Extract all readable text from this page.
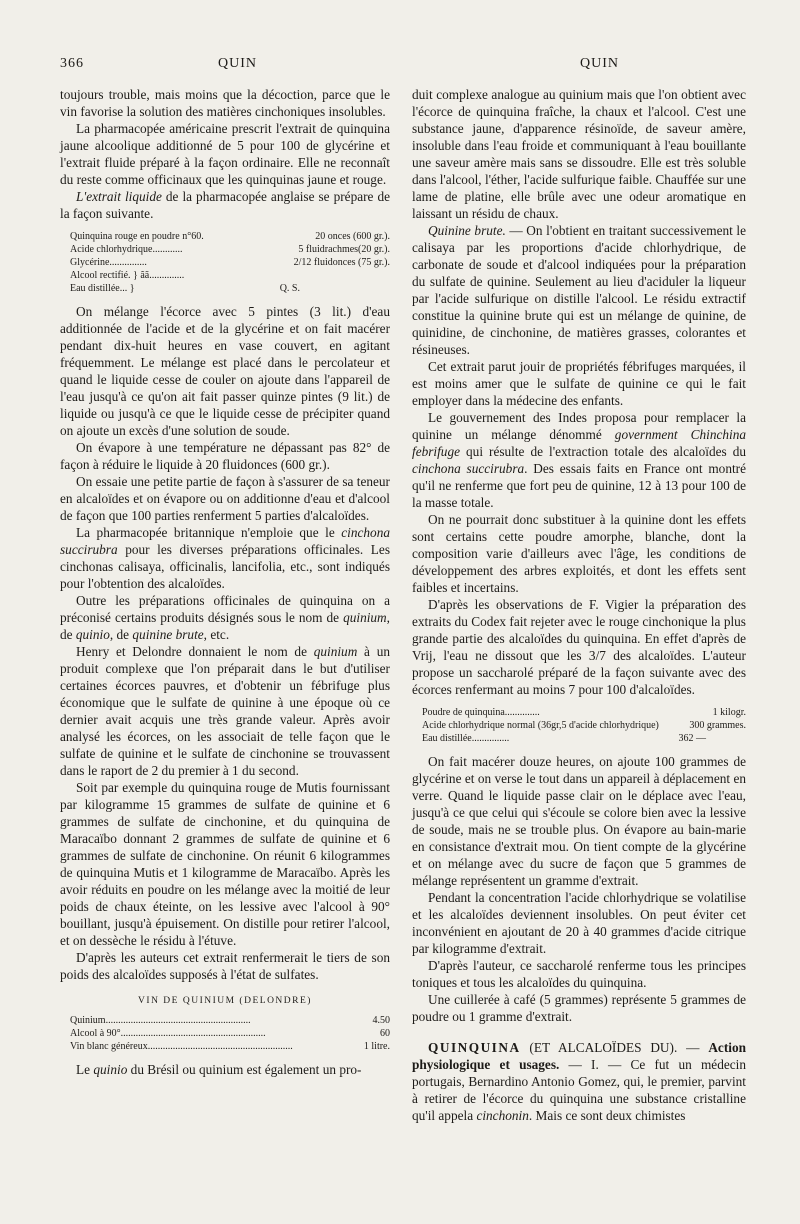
366	QUIN	QUIN

toujours trouble, mais moins que la décoction, parce que le vin favorise la solution des matières cinchoniques insolubles.

La pharmacopée américaine prescrit l'extrait de quinquina jaune alcoolique additionné de 5 pour 100 de glycérine et l'extrait fluide préparé à la façon ordinaire. Elle ne reconnaît du reste comme officinaux que les quinquinas jaune et rouge.

L'extrait liquide de la pharmacopée anglaise se prépare de la façon suivante.

Quinquina rouge en poudre n°60.	20 onces (600 gr.).
Acide chlorhydrique............	5 fluidrachmes(20 gr.).
Glycérine...............	2/12 fluidonces (75 gr.).
Alcool rectifié. } ãã..............
Eau distillée... }	Q. S.

On mélange l'écorce avec 5 pintes (3 lit.) d'eau additionnée de l'acide et de la glycérine et on fait macérer pendant dix-huit heures en vase couvert, en agitant fréquemment. Le mélange est placé dans le percolateur et quand le liquide cesse de couler on ajoute dans l'appareil de l'eau jusqu'à ce qu'on ait fait passer quinze pintes (9 lit.) de liquide ou jusqu'à ce que le liquide cesse de précipiter quand on ajoute un excès d'une solution de soude.

On évapore à une température ne dépassant pas 82° de façon à réduire le liquide à 20 fluidonces (600 gr.).

On essaie une petite partie de façon à s'assurer de sa teneur en alcaloïdes et on évapore ou on additionne d'eau et d'alcool de façon que 100 parties renferment 5 parties d'alcaloïdes.

La pharmacopée britannique n'emploie que le cinchona succirubra pour les diverses préparations officinales. Les cinchonas calisaya, officinalis, lancifolia, etc., sont indiqués pour l'obtention des alcaloïdes.

Outre les préparations officinales de quinquina on a préconisé certains produits désignés sous le nom de quinium, de quinio, de quinine brute, etc.

Henry et Delondre donnaient le nom de quinium à un produit complexe que l'on préparait dans le but d'utiliser certaines écorces pauvres, et d'obtenir un fébrifuge plus économique que le sulfate de quinine à une époque où ce dernier avait acquis une très grande valeur. Après avoir analysé les écorces, on les associait de telle façon que le sulfate de quinine et le sulfate de cinchonine se trouvassent dans le raport de 2 du premier à 1 du second.

Soit par exemple du quinquina rouge de Mutis fournissant par kilogramme 15 grammes de sulfate de quinine et 6 grammes de sulfate de cinchonine, et du quinquina de Maracaïbo donnant 2 grammes de sulfate de quinine et 6 grammes de sulfate de cinchonine. On réunit 6 kilogrammes de quinquina Mutis et 1 kilogramme de Maracaïbo. Après les avoir réduits en poudre on les mélange avec la moitié de leur poids de chaux éteinte, on les lessive avec l'alcool à 90° bouillant, jusqu'à épuisement. On distille pour retirer l'alcool, et on dessèche le résidu à l'étuve.

D'après les auteurs cet extrait renfermerait le tiers de son poids des alcaloïdes supposés à l'état de sulfates.

VIN DE QUINIUM (DELONDRE)
Quinium ..........................................................	4.50
Alcool à 90° ..........................................................	60
Vin blanc généreux ..........................................................	1 litre.

Le quinio du Brésil ou quinium est également un pro-

duit complexe analogue au quinium mais que l'on obtient avec l'écorce de quinquina fraîche, la chaux et l'alcool. C'est une substance jaune, d'apparence résinoïde, de saveur amère, insoluble dans l'eau froide et communiquant à l'eau bouillante une saveur amère mais sans se dissoudre. Elle est très soluble dans l'alcool, l'éther, l'acide sulfurique faible. Chauffée sur une lame de platine, elle brûle avec une odeur aromatique en laissant un résidu de chaux.

Quinine brute. — On l'obtient en traitant successivement le calisaya par les proportions d'acide chlorhydrique, de carbonate de soude et d'alcool indiquées pour la préparation du sulfate de quinine. Seulement au lieu d'aciduler la liqueur par l'acide sulfurique on distille l'alcool. Le résidu extractif constitue la quinine brute qui est un mélange de quinine, de quinidine, de cinchonine, de matières grasses, colorantes et résineuses.

Cet extrait parut jouir de propriétés fébrifuges marquées, il est moins amer que le sulfate de quinine ce qui le fait employer dans la médecine des enfants.

Le gouvernement des Indes proposa pour remplacer la quinine un mélange dénommé government Chinchina febrifuge qui résulte de l'extraction totale des alcaloïdes du cinchona succirubra. Des essais faits en France ont montré qu'il ne renferme que fort peu de quinine, 12 à 13 pour 100 de la masse totale.

On ne pourrait donc substituer à la quinine dont les effets sont certains cette poudre amorphe, blanche, dont la composition varie d'ailleurs avec l'âge, les conditions de développement des arbres exploités, et dont les effets sent faibles et incertains.

D'après les observations de F. Vigier la préparation des extraits du Codex fait rejeter avec le rouge cinchonique la plus grande partie des alcaloïdes du quinquina. En effet d'après de Vrij, l'eau ne dissout que les 3/7 des alcaloïdes. L'auteur propose un saccharolé préparé de la façon suivante avec des écorces renfermant au moins 7 pour 100 d'alcaloïdes.

Poudre de quinquina..............	1 kilogr.
Acide chlorhydrique normal (36gr,5 d'acide chlorhydrique)	300 grammes.
Eau distillée...............	362 —

On fait macérer douze heures, on ajoute 100 grammes de glycérine et on verse le tout dans un appareil à déplacement en verre. Quand le liquide passe clair on le déplace avec l'eau, jusqu'à ce que celui qui s'écoule se colore bien avec la lessive de soude, mais ne se trouble plus. On évapore au bain-marie en consistance d'extrait mou. On tient compte de la glycérine et on mélange avec du sucre de façon que 5 grammes de mélange représentent un gramme d'extrait.

Pendant la concentration l'acide chlorhydrique se volatilise et les alcaloïdes deviennent insolubles. On peut éviter cet inconvénient en ajoutant de 20 à 40 grammes d'acide citrique par kilogramme d'extrait.

D'après l'auteur, ce saccharolé renferme tous les principes toniques et tous les alcaloïdes du quinquina.

Une cuillerée à café (5 grammes) représente 5 grammes de poudre ou 1 gramme d'extrait.

QUINQUINA (ET ALCALOÏDES DU). — Action physiologique et usages. — I. — Ce fut un médecin portugais, Bernardino Antonio Gomez, qui, le premier, parvint à retirer de l'écorce du quinquina une substance cristalline qu'il appela cinchonin. Mais ce sont deux chimistes
